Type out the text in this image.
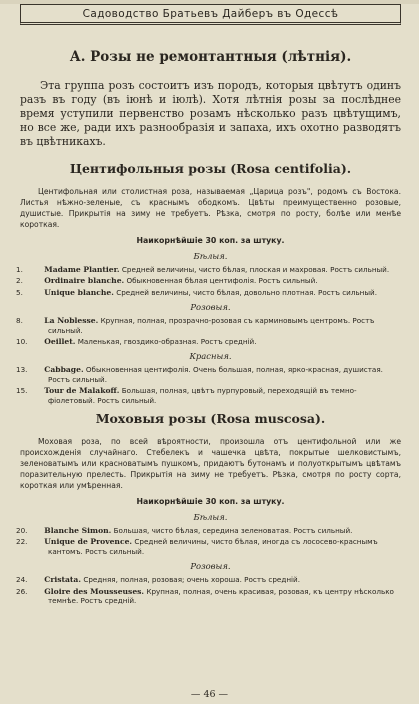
Садоводство Братьевъ Дайберъ въ Одессѣ
А. Розы не ремонтантныя (лѣтнія).

Эта группа розъ состоитъ изъ породъ, которыя цвѣтутъ одинъ разъ въ году (въ іюнѣ и іюлѣ). Хотя лѣтнія розы за послѣднее время уступили первенство розамъ нѣсколько разъ цвѣтущимъ, но все же, ради ихъ разнообразія и запаха, ихъ охотно разводятъ въ цвѣтникахъ.

Центифольныя розы (Rosa centifolia).

Центифольная или столистная роза, называемая „Царица розъ", родомъ съ Востока. Листья нѣжно-зеленые, съ краснымъ ободкомъ. Цвѣты преимущественно розовые, душистые. Прикрытія на зиму не требуетъ. Рѣзка, смотря по росту, болѣе или менѣе короткая.

Наикорнѣйшіе 30 коп. за штуку.
Бѣлыя.
1.	Madame Plantier. Средней величины, чисто бѣлая, плоская и махровая. Ростъ сильный.
2.	Ordinaire blanche. Обыкновенная бѣлая центифолія. Ростъ сильный.
5.	Unique blanche. Средней величины, чисто бѣлая, довольно плотная. Ростъ сильный.
Розовыя.
8.	La Noblesse. Крупная, полная, прозрачно-розовая съ карминовымъ центромъ. Ростъ сильный.
10. Oeillet. Маленькая, гвоздико-образная. Ростъ средній.
Красныя.
13. Cabbage. Обыкновенная центифолія. Очень большая, полная, ярко-красная, душистая. Ростъ сильный.
15. Tour de Malakoff. Большая, полная, цвѣтъ пурпуровый, переходящій въ темно-фіолетовый. Ростъ сильный.
Моховыя розы (Rosa muscosa).

Моховая роза, по всей вѣроятности, произошла отъ центифольной или же происхожденія случайнаго. Стебелекъ и чашечка цвѣта, покрытые шелковистымъ, зеленоватымъ или красноватымъ пушкомъ, придаютъ бутонамъ и полуоткрытымъ цвѣтамъ поразительную прелесть. Прикрытія на зиму не требуетъ. Рѣзка, смотря по росту сорта, короткая или умѣренная.

Наикорнѣйшіе 30 коп. за штуку.
Бѣлыя.
20. Blanche Simon. Большая, чисто бѣлая, середина зеленоватая. Ростъ сильный.
22. Unique de Provence. Средней величины, чисто бѣлая, иногда съ лососево-краснымъ кантомъ. Ростъ сильный.
Розовыя.
24. Cristata. Средняя, полная, розовая; очень хороша. Ростъ средній.
26. Gloire des Mousseuses. Крупная, полная, очень красивая, розовая, къ центру нѣсколько темнѣе. Ростъ средній.
— 46 —
